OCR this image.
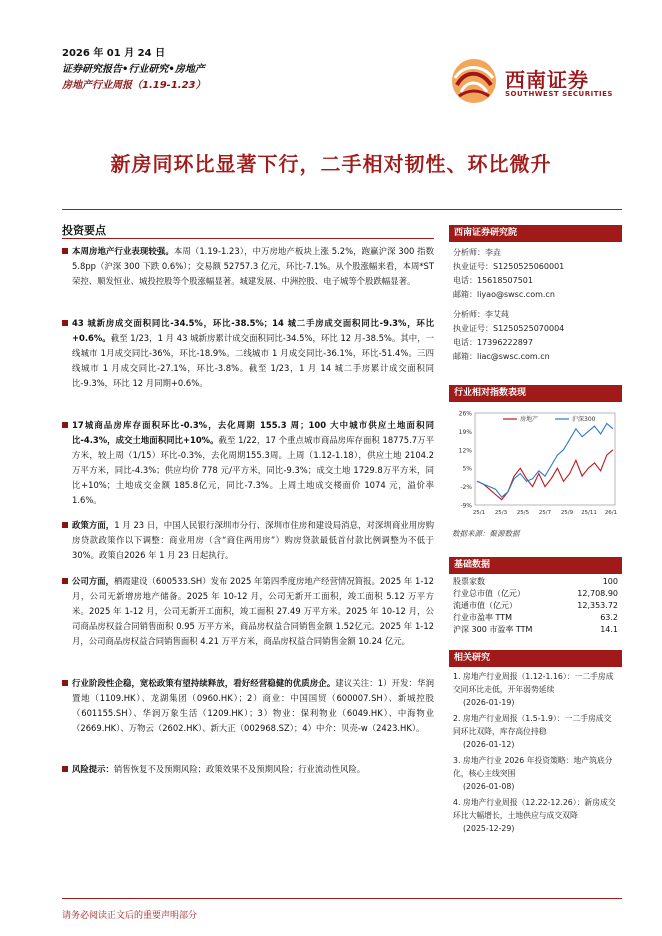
2026 年 01 月 24 日
证券研究报告•行业研究•房地产
房地产行业周报（1.19-1.23）	西南证券
SOUTHWEST SECURITIES
新房同环比显著下行，二手相对韧性、环比微升
投资要点
本周房地产行业表现较强。本周（1.19-1.23），中万房地产板块上涨 5.2%，跑赢沪深 300 指数 5.8pp（沪深 300 下跌 0.6%）；交易额 52757.3 亿元，环比-7.1%。从个股涨幅来看，本周*ST 荣控、顺发恒业、城投控股等个股涨幅显著。城建发展、中洲控股、电子城等个股跌幅显著。
43 城新房成交面积同比-34.5%，环比-38.5%；14 城二手房成交面积同比-9.3%，环比+0.6%。截至 1/23，1 月 43 城新房累计成交面积同比-34.5%，环比 12 月-38.5%。其中，一线城市 1月成交同比-36%，环比-18.9%。二线城市 1 月成交同比-36.1%，环比-51.4%。三四线城市 1 月成交同比-27.1%，环比-3.8%。截至 1/23，1 月 14 城二手房累计成交面积同比-9.3%，环比 12 月同期+0.6%。
17城商品房库存面积环比-0.3%，去化周期 155.3 周；100 大中城市供应土地面积同比-4.3%，成交土地面积同比+10%。截至 1/22，17 个重点城市商品房库存面积 18775.7万平方米，较上周（1/15）环比-0.3%，去化周期155.3周。上周（1.12-1.18），供应土地 2104.2 万平方米，同比-4.3%；供应均价 778 元/平方米，同比-9.3%；成交土地 1729.8万平方米，同比+10%；土地成交金额 185.8亿元，同比-7.3%。上周土地成交楼面价 1074 元，溢价率 1.6%。
政策方面，1 月 23 日，中国人民银行深圳市分行、深圳市住房和建设局消息，对深圳商业用房购房贷款政策作以下调整：商业用房（含“商住两用房”）购房贷款最低首付款比例调整为不低于 30%。政策自2026 年 1 月 23 日起执行。
公司方面，栖霞建设（600533.SH）发布 2025 年第四季度房地产经营情况简报。2025 年 1-12 月，公司无新增房地产储备。2025 年 10-12 月，公司无新开工面积，竣工面积 5.12 万平方米。2025 年 1-12 月，公司无新开工面积，竣工面积 27.49 万平方米。2025 年 10-12 月，公司商品房权益合同销售面积 0.95 万平方米，商品房权益合同销售金额 1.52亿元。2025 年 1-12 月，公司商品房权益合同销售面积 4.21 万平方米，商品房权益合同销售金额 10.24 亿元。
行业阶段性企稳，宽松政策有望持续释放，看好经营稳健的优质房企。建议关注：1）开发：华润置地（1109.HK）、龙湖集团（0960.HK）；2）商业：中国国贸（600007.SH）、新城控股（601155.SH）、华润万象生活（1209.HK）；3）物业：保利物业（6049.HK）、中海物业（2669.HK）、万物云（2602.HK）、新大正（002968.SZ）；4）中介：贝壳-w（2423.HK）。
风险提示：销售恢复不及预期风险；政策效果不及预期风险；行业流动性风险。
西南证券研究院
分析师：李垚
执业证号：S1250525060001
电话：15618507501
邮箱：liyao@swsc.com.cn
分析师：李艾莼
执业证号：S1250525070004
电话：17396222897
邮箱：liac@swsc.com.cn
行业相对指数表现
26%
19%
12%
5%
-2%
-9%
25/1 25/3 25/5 25/7 25/9 25/11 26/1
房地产	沪深300
数据来源：聚源数据
基础数据
股票家数	100
行业总市值（亿元）	12,708.90
流通市值（亿元）	12,353.72
行业市盈率 TTM	63.2
沪深 300 市盈率 TTM	14.1
相关研究
1. 房地产行业周报（1.12-1.16）：一二手房成交同环比走低，开年弱势延续
(2026-01-19)
2. 房地产行业周报（1.5-1.9）：一二手房成交同环比双降，库存高位持稳
(2026-01-12)
3. 房地产行业 2026 年投资策略：地产筑底分化，核心主线突围
(2026-01-08)
4. 房地产行业周报（12.22-12.26）：新房成交环比大幅增长，土地供应与成交双降
(2025-12-29)
请务必阅读正文后的重要声明部分
